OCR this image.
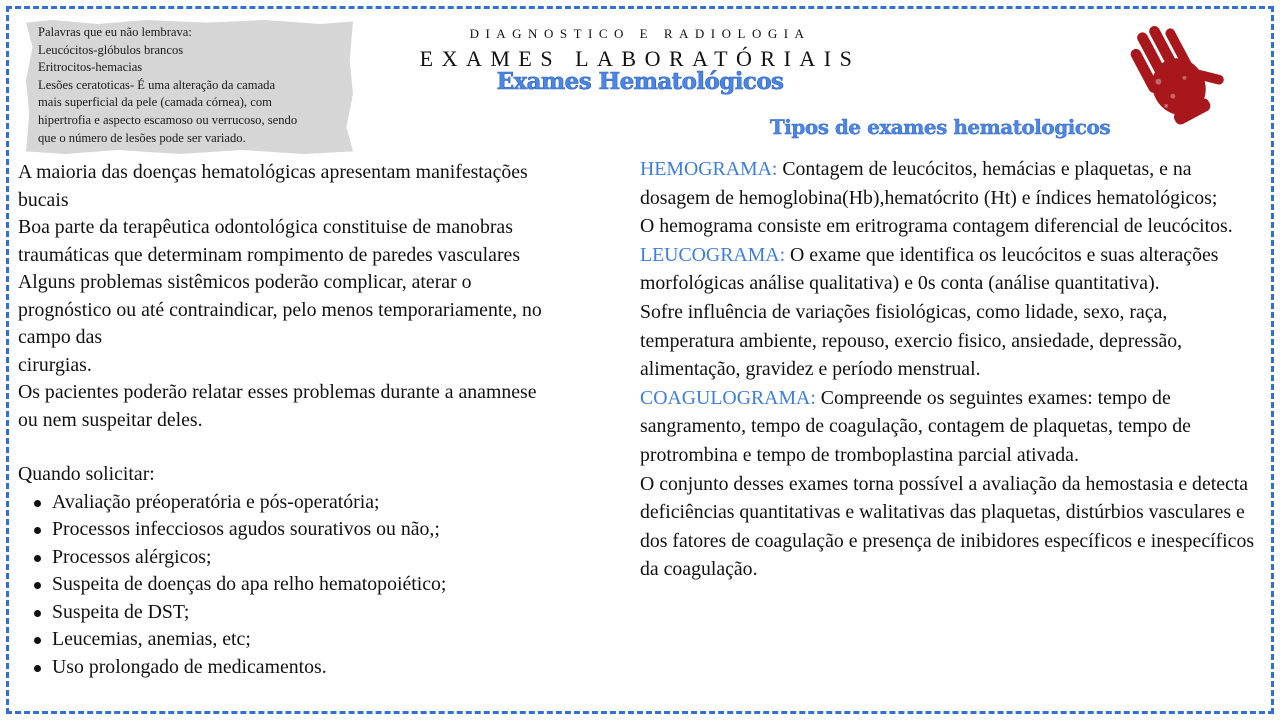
Palavras que eu não lembrava:
Leucócitos-glóbulos brancos
Eritrocitos-hemacias
Lesões ceratoticas- É uma alteração da camada
mais superficial da pele (camada córnea), com
hipertrofia e aspecto escamoso ou verrucoso, sendo
que o número de lesões pode ser variado.
DIAGNOSTICO E RADIOLOGIA
EXAMES LABORATÓRIAIS
Exames Hematológicos
Tipos de exames hematologicos

A maioria das doenças hematológicas apresentam manifestações bucais

Boa parte da terapêutica odontológica constituise de manobras traumáticas que determinam rompimento de paredes vasculares

Alguns problemas sistêmicos poderão complicar, aterar o prognóstico ou até contraindicar, pelo menos temporariamente, no campo das

cirurgias.

Os pacientes poderão relatar esses problemas durante a anamnese ou nem suspeitar deles.

Quando solicitar:

Avaliação préoperatória e pós-operatória;
Processos infecciosos agudos sourativos ou não,;
Processos alérgicos;
Suspeita de doenças do apa relho hematopoiético;
Suspeita de DST;
Leucemias, anemias, etc;
Uso prolongado de medicamentos.

HEMOGRAMA: Contagem de leucócitos, hemácias e plaquetas, e na dosagem de hemoglobina(Hb),hematócrito (Ht) e índices hematológicos;

O hemograma consiste em eritrograma contagem diferencial de leucócitos.

LEUCOGRAMA: O exame que identifica os leucócitos e suas alterações morfológicas análise qualitativa) e 0s conta (análise quantitativa).

Sofre influência de variações fisiológicas, como lidade, sexo, raça, temperatura ambiente, repouso, exercio fisico, ansiedade, depressão, alimentação, gravidez e período menstrual.

COAGULOGRAMA: Compreende os seguintes exames: tempo de sangramento, tempo de coagulação, contagem de plaquetas, tempo de protrombina e tempo de tromboplastina parcial ativada.

O conjunto desses exames torna possível a avaliação da hemostasia e detecta deficiências quantitativas e walitativas das plaquetas, distúrbios vasculares e dos fatores de coagulação e presença de inibidores específicos e inespecíficos da coagulação.
